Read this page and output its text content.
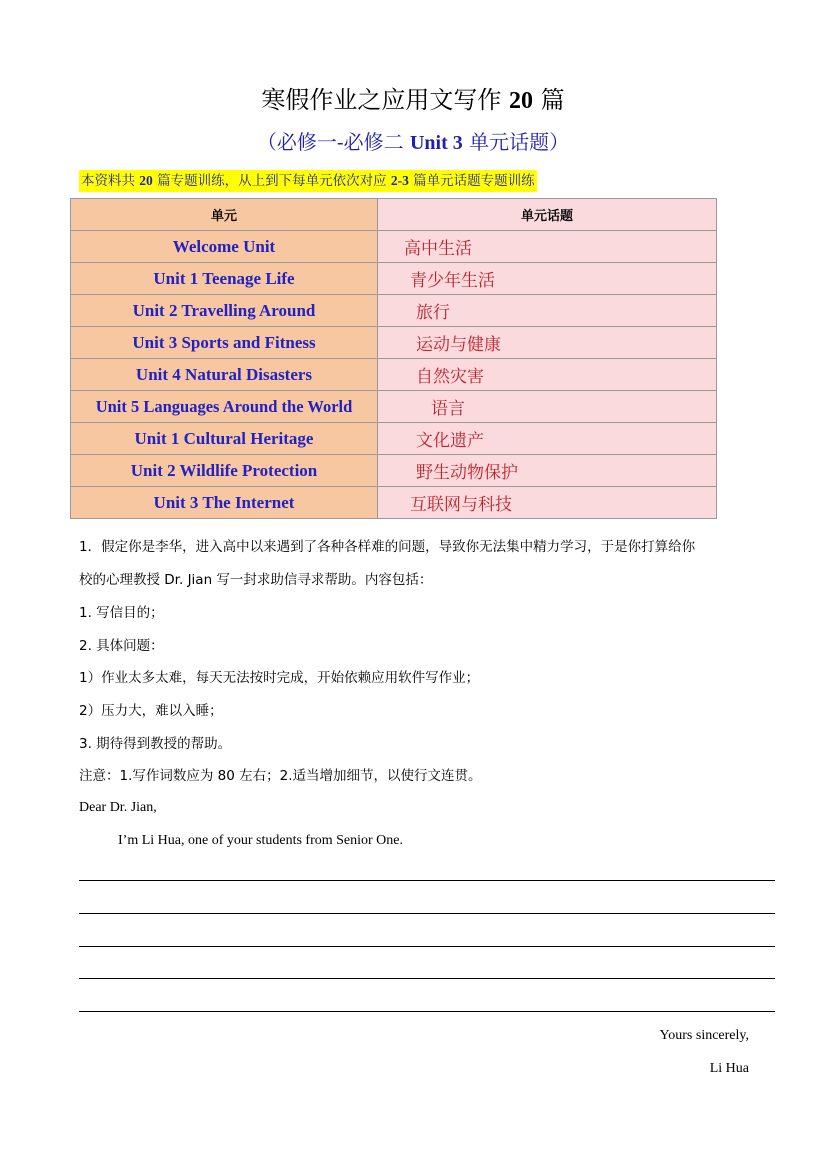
寒假作业之应用文写作 20 篇
（必修一-必修二 Unit 3 单元话题）
本资料共 20 篇专题训练，从上到下每单元依次对应 2-3 篇单元话题专题训练
单元	单元话题
Welcome Unit	高中生活
Unit 1 Teenage Life	青少年生活
Unit 2 Travelling Around	旅行
Unit 3 Sports and Fitness	运动与健康
Unit 4 Natural Disasters	自然灾害
Unit 5 Languages Around the World	语言
Unit 1 Cultural Heritage	文化遗产
Unit 2 Wildlife Protection	野生动物保护
Unit 3 The Internet	互联网与科技
1．假定你是李华，进入高中以来遇到了各种各样难的问题，导致你无法集中精力学习，于是你打算给你
校的心理教授 Dr. Jian 写一封求助信寻求帮助。内容包括：
1. 写信目的；
2. 具体问题：
1）作业太多太难，每天无法按时完成，开始依赖应用软件写作业；
2）压力大，难以入睡；
3. 期待得到教授的帮助。
注意：1.写作词数应为 80 左右；2.适当增加细节，以使行文连贯。
Dear Dr. Jian,
I’m Li Hua, one of your students from Senior One.
Yours sincerely,
Li Hua
